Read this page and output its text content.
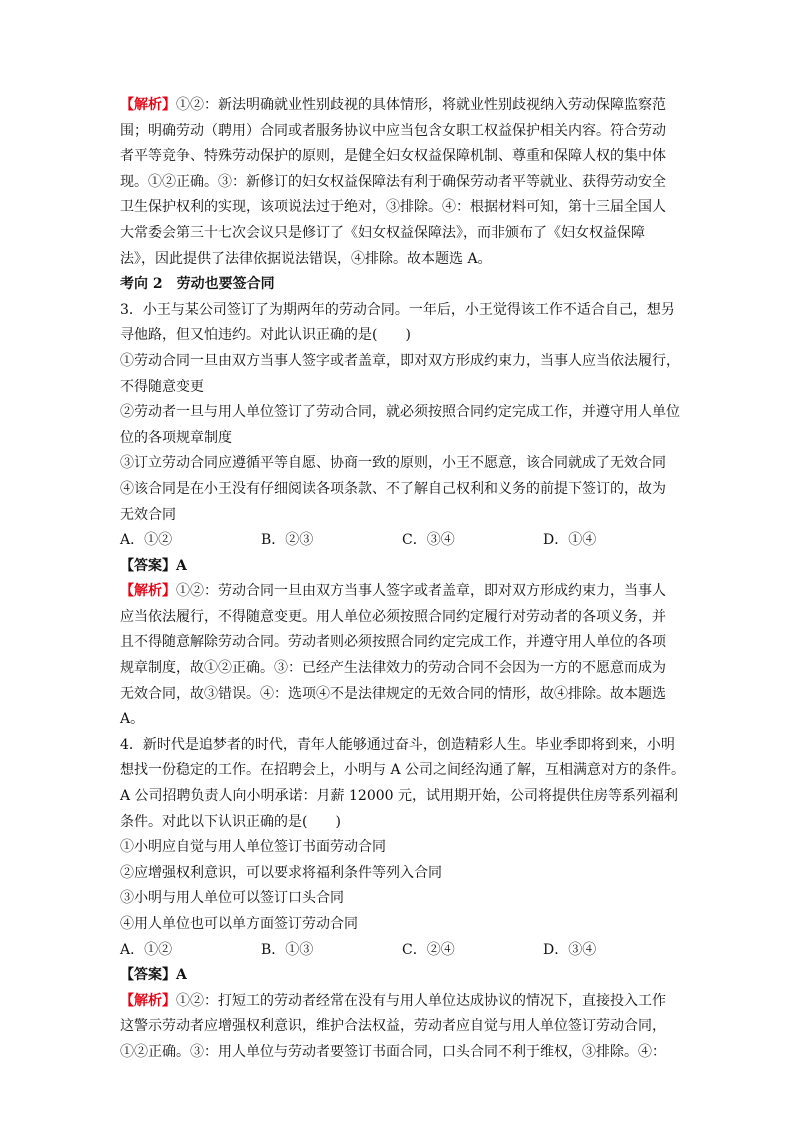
【解析】①②：新法明确就业性别歧视的具体情形，将就业性别歧视纳入劳动保障监察范
围；明确劳动（聘用）合同或者服务协议中应当包含女职工权益保护相关内容。符合劳动
者平等竞争、特殊劳动保护的原则，是健全妇女权益保障机制、尊重和保障人权的集中体
现。①②正确。③：新修订的妇女权益保障法有利于确保劳动者平等就业、获得劳动安全
卫生保护权利的实现，该项说法过于绝对，③排除。④：根据材料可知，第十三届全国人
大常委会第三十七次会议只是修订了《妇女权益保障法》，而非颁布了《妇女权益保障
法》，因此提供了法律依据说法错误，④排除。故本题选 A。
考向 2　劳动也要签合同
3．小王与某公司签订了为期两年的劳动合同。一年后，小王觉得该工作不适合自己，想另
寻他路，但又怕违约。对此认识正确的是(　　)
①劳动合同一旦由双方当事人签字或者盖章，即对双方形成约束力，当事人应当依法履行，
不得随意变更
②劳动者一旦与用人单位签订了劳动合同，就必须按照合同约定完成工作，并遵守用人单位
位的各项规章制度
③订立劳动合同应遵循平等自愿、协商一致的原则，小王不愿意，该合同就成了无效合同
④该合同是在小王没有仔细阅读各项条款、不了解自己权利和义务的前提下签订的，故为
无效合同
A．①②	B．②③	C．③④	D．①④
【答案】A
【解析】①②：劳动合同一旦由双方当事人签字或者盖章，即对双方形成约束力，当事人
应当依法履行，不得随意变更。用人单位必须按照合同约定履行对劳动者的各项义务，并
且不得随意解除劳动合同。劳动者则必须按照合同约定完成工作，并遵守用人单位的各项
规章制度，故①②正确。③：已经产生法律效力的劳动合同不会因为一方的不愿意而成为
无效合同，故③错误。④：选项④不是法律规定的无效合同的情形，故④排除。故本题选
A。
4．新时代是追梦者的时代，青年人能够通过奋斗，创造精彩人生。毕业季即将到来，小明
想找一份稳定的工作。在招聘会上，小明与 A 公司之间经沟通了解，互相满意对方的条件。
A 公司招聘负责人向小明承诺：月薪 12000 元，试用期开始，公司将提供住房等系列福利
条件。对此以下认识正确的是(　　)
①小明应自觉与用人单位签订书面劳动合同
②应增强权利意识，可以要求将福利条件等列入合同
③小明与用人单位可以签订口头合同
④用人单位也可以单方面签订劳动合同
A．①②	B．①③	C．②④	D．③④
【答案】A
【解析】①②：打短工的劳动者经常在没有与用人单位达成协议的情况下，直接投入工作
这警示劳动者应增强权利意识，维护合法权益，劳动者应自觉与用人单位签订劳动合同，
①②正确。③：用人单位与劳动者要签订书面合同，口头合同不利于维权，③排除。④：
